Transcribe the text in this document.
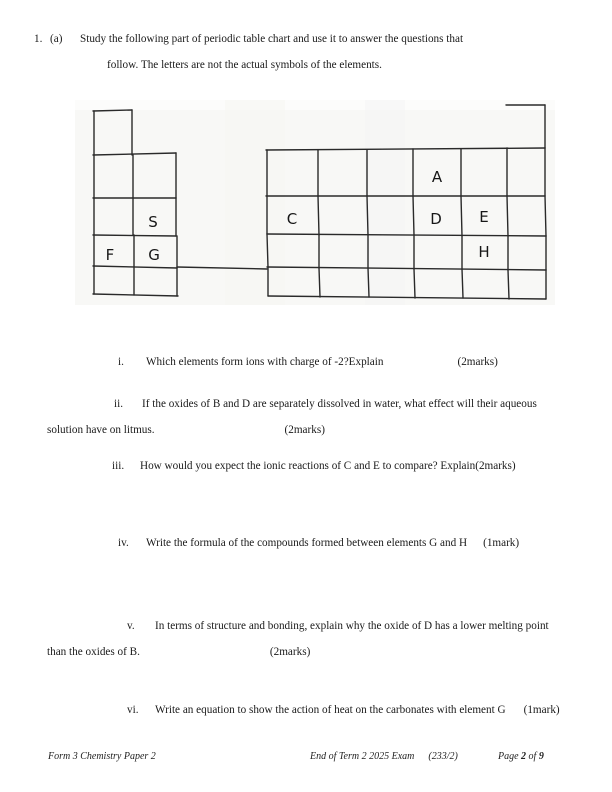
1. (a) Study the following part of periodic table chart and use it to answer the questions that
follow. The letters are not the actual symbols of the elements.
F
S
G
C
A
D E
H
i. Which elements form ions with charge of -2?Explain	(2marks)
ii. If the oxides of B and D are separately dissolved in water, what effect will their aqueous
solution have on litmus.	(2marks)
iii. How would you expect the ionic reactions of C and E to compare? Explain(2marks)
iv. Write the formula of the compounds formed between elements G and H (1mark)
v. In terms of structure and bonding, explain why the oxide of D has a lower melting point
than the oxides of B.	(2marks)
vi. Write an equation to show the action of heat on the carbonates with element G (1mark)
Form 3 Chemistry Paper 2	End of Term 2 2025 Exam (233/2)	Page 2 of 9
